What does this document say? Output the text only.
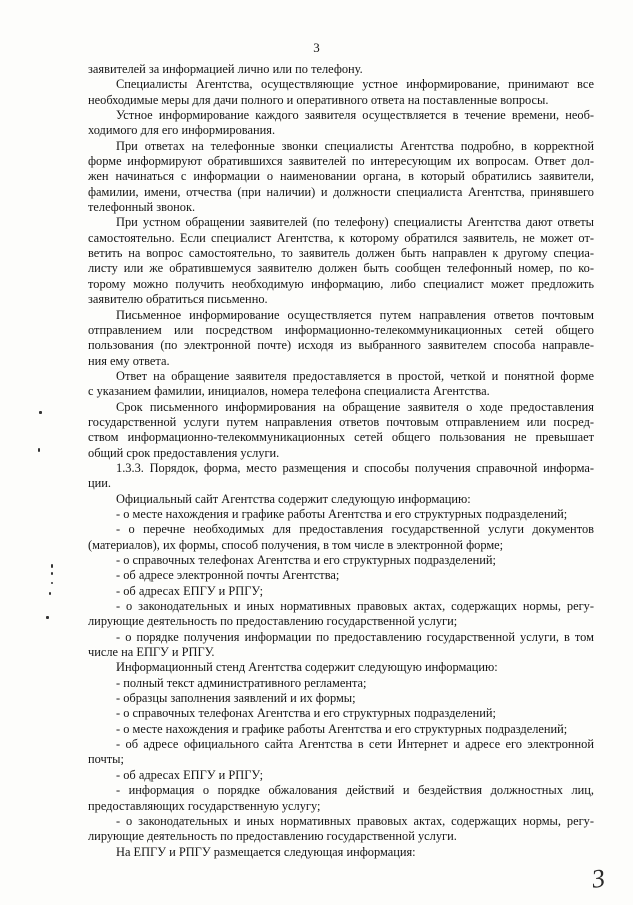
3
заявителей за информацией лично или по телефону.
Специалисты Агентства, осуществляющие устное информирование, принимают все
необходимые меры для дачи полного и оперативного ответа на поставленные вопросы.
Устное информирование каждого заявителя осуществляется в течение времени, необ-
ходимого для его информирования.
При ответах на телефонные звонки специалисты Агентства подробно, в корректной
форме информируют обратившихся заявителей по интересующим их вопросам. Ответ дол-
жен начинаться с информации о наименовании органа, в который обратились заявители,
фамилии, имени, отчества (при наличии) и должности специалиста Агентства, принявшего
телефонный звонок.
При устном обращении заявителей (по телефону) специалисты Агентства дают ответы
самостоятельно. Если специалист Агентства, к которому обратился заявитель, не может от-
ветить на вопрос самостоятельно, то заявитель должен быть направлен к другому специа-
листу или же обратившемуся заявителю должен быть сообщен телефонный номер, по ко-
торому можно получить необходимую информацию, либо специалист может предложить
заявителю обратиться письменно.
Письменное информирование осуществляется путем направления ответов почтовым
отправлением или посредством информационно-телекоммуникационных сетей общего
пользования (по электронной почте) исходя из выбранного заявителем способа направле-
ния ему ответа.
Ответ на обращение заявителя предоставляется в простой, четкой и понятной форме
с указанием фамилии, инициалов, номера телефона специалиста Агентства.
Срок письменного информирования на обращение заявителя о ходе предоставления
государственной услуги путем направления ответов почтовым отправлением или посред-
ством информационно-телекоммуникационных сетей общего пользования не превышает
общий срок предоставления услуги.
1.3.3. Порядок, форма, место размещения и способы получения справочной информа-
ции.
Официальный сайт Агентства содержит следующую информацию:
- о месте нахождения и графике работы Агентства и его структурных подразделений;
- о перечне необходимых для предоставления государственной услуги документов
(материалов), их формы, способ получения, в том числе в электронной форме;
- о справочных телефонах Агентства и его структурных подразделений;
- об адресе электронной почты Агентства;
- об адресах ЕПГУ и РПГУ;
- о законодательных и иных нормативных правовых актах, содержащих нормы, регу-
лирующие деятельность по предоставлению государственной услуги;
- о порядке получения информации по предоставлению государственной услуги, в том
числе на ЕПГУ и РПГУ.
Информационный стенд Агентства содержит следующую информацию:
- полный текст административного регламента;
- образцы заполнения заявлений и их формы;
- о справочных телефонах Агентства и его структурных подразделений;
- о месте нахождения и графике работы Агентства и его структурных подразделений;
- об адресе официального сайта Агентства в сети Интернет и адресе его электронной
почты;
- об адресах ЕПГУ и РПГУ;
- информация о порядке обжалования действий и бездействия должностных лиц,
предоставляющих государственную услугу;
- о законодательных и иных нормативных правовых актах, содержащих нормы, регу-
лирующие деятельность по предоставлению государственной услуги.
На ЕПГУ и РПГУ размещается следующая информация:
3
